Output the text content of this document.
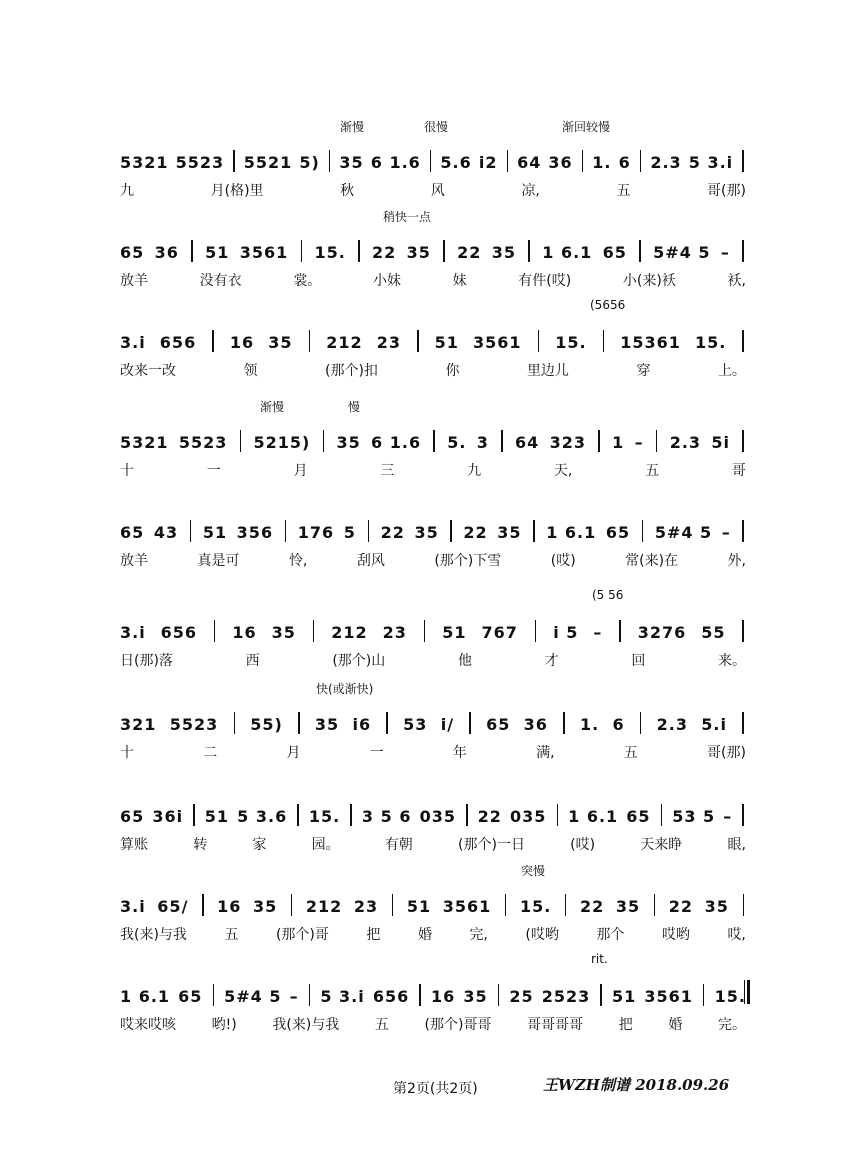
渐慢	很慢	渐回较慢
5321 5523 5521 5) 35 6 1.6 5.6 i2 64 36 1. 6 2.3 5 3.i
九	月(格)里	秋	风	凉,	五	哥(那)
稍快一点
65 36 51 3561 15. 22 35 22 35 1 6.1 65 5#4 5 –
放羊	没有衣	裳。	小妹	妹	有件(哎)	小(来)袄	袄,
(5656
3.i 656 16 35 212 23 51 3561 15. 15361 15.
改来一改	领	(那个)扣	你	里边儿	穿	上。
渐慢	慢
5321 5523 5215) 35 6 1.6 5. 3 64 323 1 – 2.3 5i
十	一	月	三	九	天,	五	哥
65 43 51 356 176 5 22 35 22 35 1 6.1 65 5#4 5 –
放羊	真是可	怜,	刮风	(那个)下雪	(哎)	常(来)在	外,
(5 56
3.i 656 16 35 212 23 51 767 i 5 – 3276 55
日(那)落	西	(那个)山	他	才	回	来。
快(或渐快)
321 5523 55) 35 i6 53 i/ 65 36 1. 6 2.3 5.i
十	二	月	一	年	满,	五	哥(那)
65 36i 51 5 3.6 15. 3 5 6 035 22 035 1 6.1 65 53 5 –
算账	转	家	园。	有朝	(那个)一日	(哎)	天来睁	眼,
突慢
3.i 65/ 16 35 212 23 51 3561 15. 22 35 22 35
我(来)与我	五	(那个)哥	把	婚	完,	(哎哟	那个	哎哟	哎,
rit.
1 6.1 65 5#4 5 – 5 3.i 656 16 35 25 2523 51 3561 15.
哎来哎咳	哟!)	我(来)与我	五	(那个)哥哥	哥哥哥哥	把	婚	完。
第2页(共2页)	王WZH制谱 2018.09.26
